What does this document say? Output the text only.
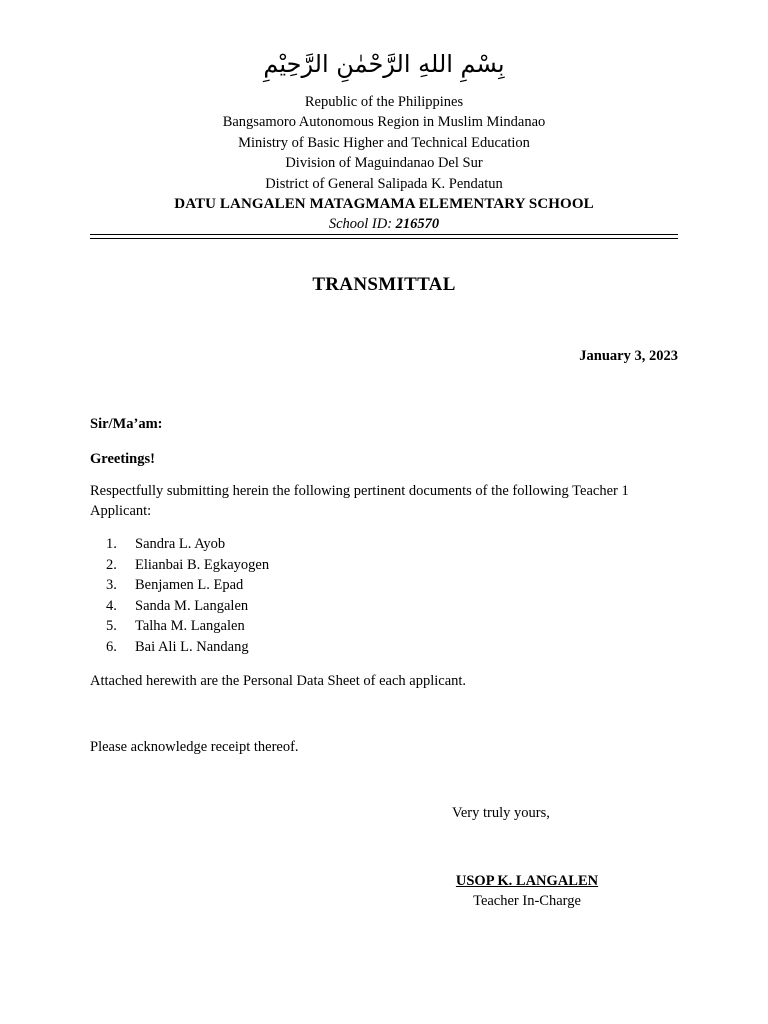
بِسْمِ اللهِ الرَّحْمٰنِ الرَّحِيْمِ
Republic of the Philippines
Bangsamoro Autonomous Region in Muslim Mindanao
Ministry of Basic Higher and Technical Education
Division of Maguindanao Del Sur
District of General Salipada K. Pendatun
DATU LANGALEN MATAGMAMA ELEMENTARY SCHOOL
School ID: 216570
TRANSMITTAL
January 3, 2023
Sir/Ma’am:
Greetings!
Respectfully submitting herein the following pertinent documents of the following Teacher 1 Applicant:
1.	Sandra L. Ayob
2.	Elianbai B. Egkayogen
3.	Benjamen L. Epad
4.	Sanda M. Langalen
5.	Talha M. Langalen
6.	Bai Ali L. Nandang
Attached herewith are the Personal Data Sheet of each applicant.
Please acknowledge receipt thereof.
Very truly yours,
USOP K. LANGALEN
Teacher In-Charge
